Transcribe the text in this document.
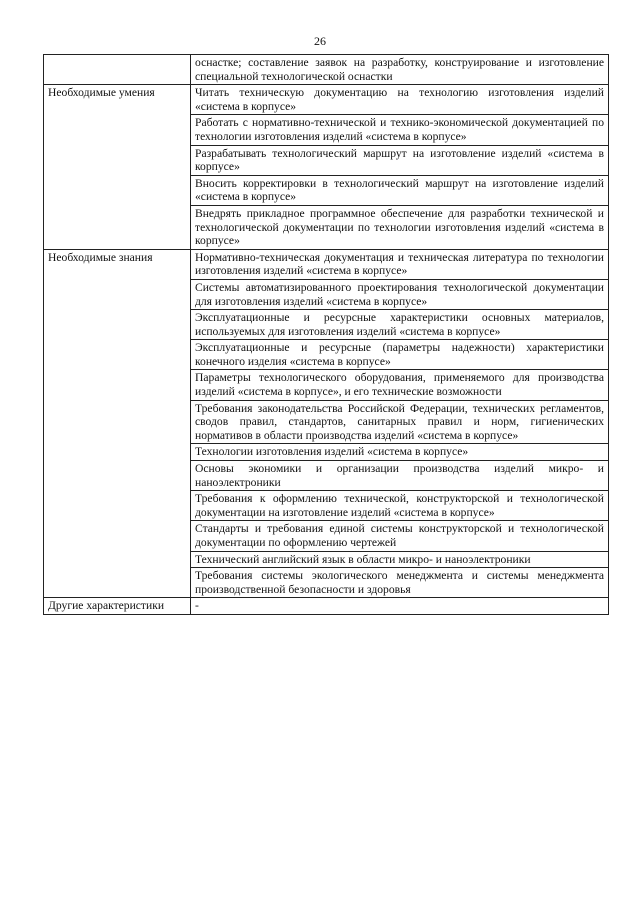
26
	оснастке; составление заявок на разработку, конструирование и изготовление специальной технологической оснастки
Необходимые умения	Читать техническую документацию на технологию изготовления изделий «система в корпусе»
	Работать с нормативно-технической и технико-экономической документацией по технологии изготовления изделий «система в корпусе»
	Разрабатывать технологический маршрут на изготовление изделий «система в корпусе»
	Вносить корректировки в технологический маршрут на изготовление изделий «система в корпусе»
	Внедрять прикладное программное обеспечение для разработки технической и технологической документации по технологии изготовления изделий «система в корпусе»
Необходимые знания	Нормативно-техническая документация и техническая литература по технологии изготовления изделий «система в корпусе»
	Системы автоматизированного проектирования технологической документации для изготовления изделий «система в корпусе»
	Эксплуатационные и ресурсные характеристики основных материалов, используемых для изготовления изделий «система в корпусе»
	Эксплуатационные и ресурсные (параметры надежности) характеристики конечного изделия «система в корпусе»
	Параметры технологического оборудования, применяемого для производства изделий «система в корпусе», и его технические возможности
	Требования законодательства Российской Федерации, технических регламентов, сводов правил, стандартов, санитарных правил и норм, гигиенических нормативов в области производства изделий «система в корпусе»
	Технологии изготовления изделий «система в корпусе»
	Основы экономики и организации производства изделий микро- и наноэлектроники
	Требования к оформлению технической, конструкторской и технологической документации на изготовление изделий «система в корпусе»
	Стандарты и требования единой системы конструкторской и технологической документации по оформлению чертежей
	Технический английский язык в области микро- и наноэлектроники
	Требования системы экологического менеджмента и системы менеджмента производственной безопасности и здоровья
Другие характеристики	-
